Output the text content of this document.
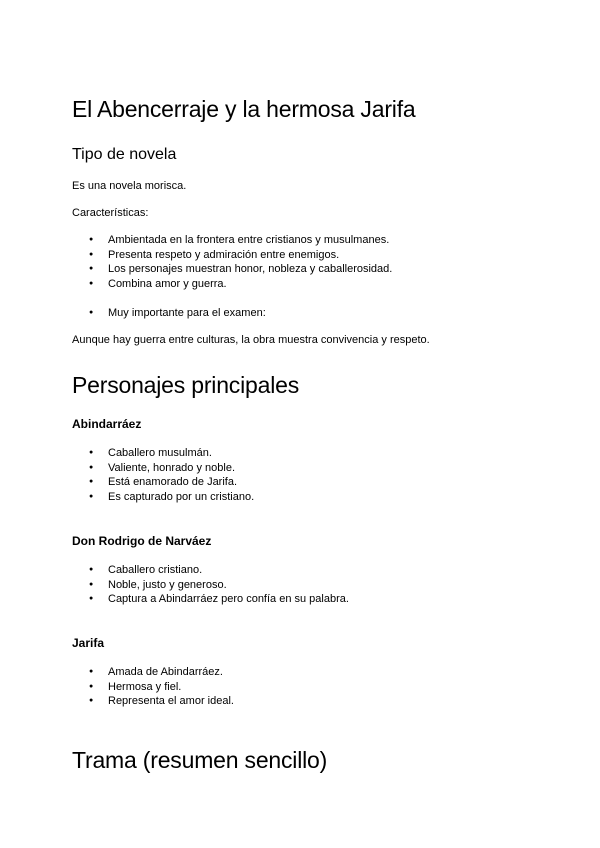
El Abencerraje y la hermosa Jarifa
Tipo de novela

Es una novela morisca.

Características:

● Ambientada en la frontera entre cristianos y musulmanes.
● Presenta respeto y admiración entre enemigos.
● Los personajes muestran honor, nobleza y caballerosidad.
● Combina amor y guerra.
● Muy importante para el examen:

Aunque hay guerra entre culturas, la obra muestra convivencia y respeto.

Personajes principales
Abindarráez
● Caballero musulmán.
● Valiente, honrado y noble.
● Está enamorado de Jarifa.
● Es capturado por un cristiano.
Don Rodrigo de Narváez
● Caballero cristiano.
● Noble, justo y generoso.
● Captura a Abindarráez pero confía en su palabra.
Jarifa
● Amada de Abindarráez.
● Hermosa y fiel.
● Representa el amor ideal.
Trama (resumen sencillo)
